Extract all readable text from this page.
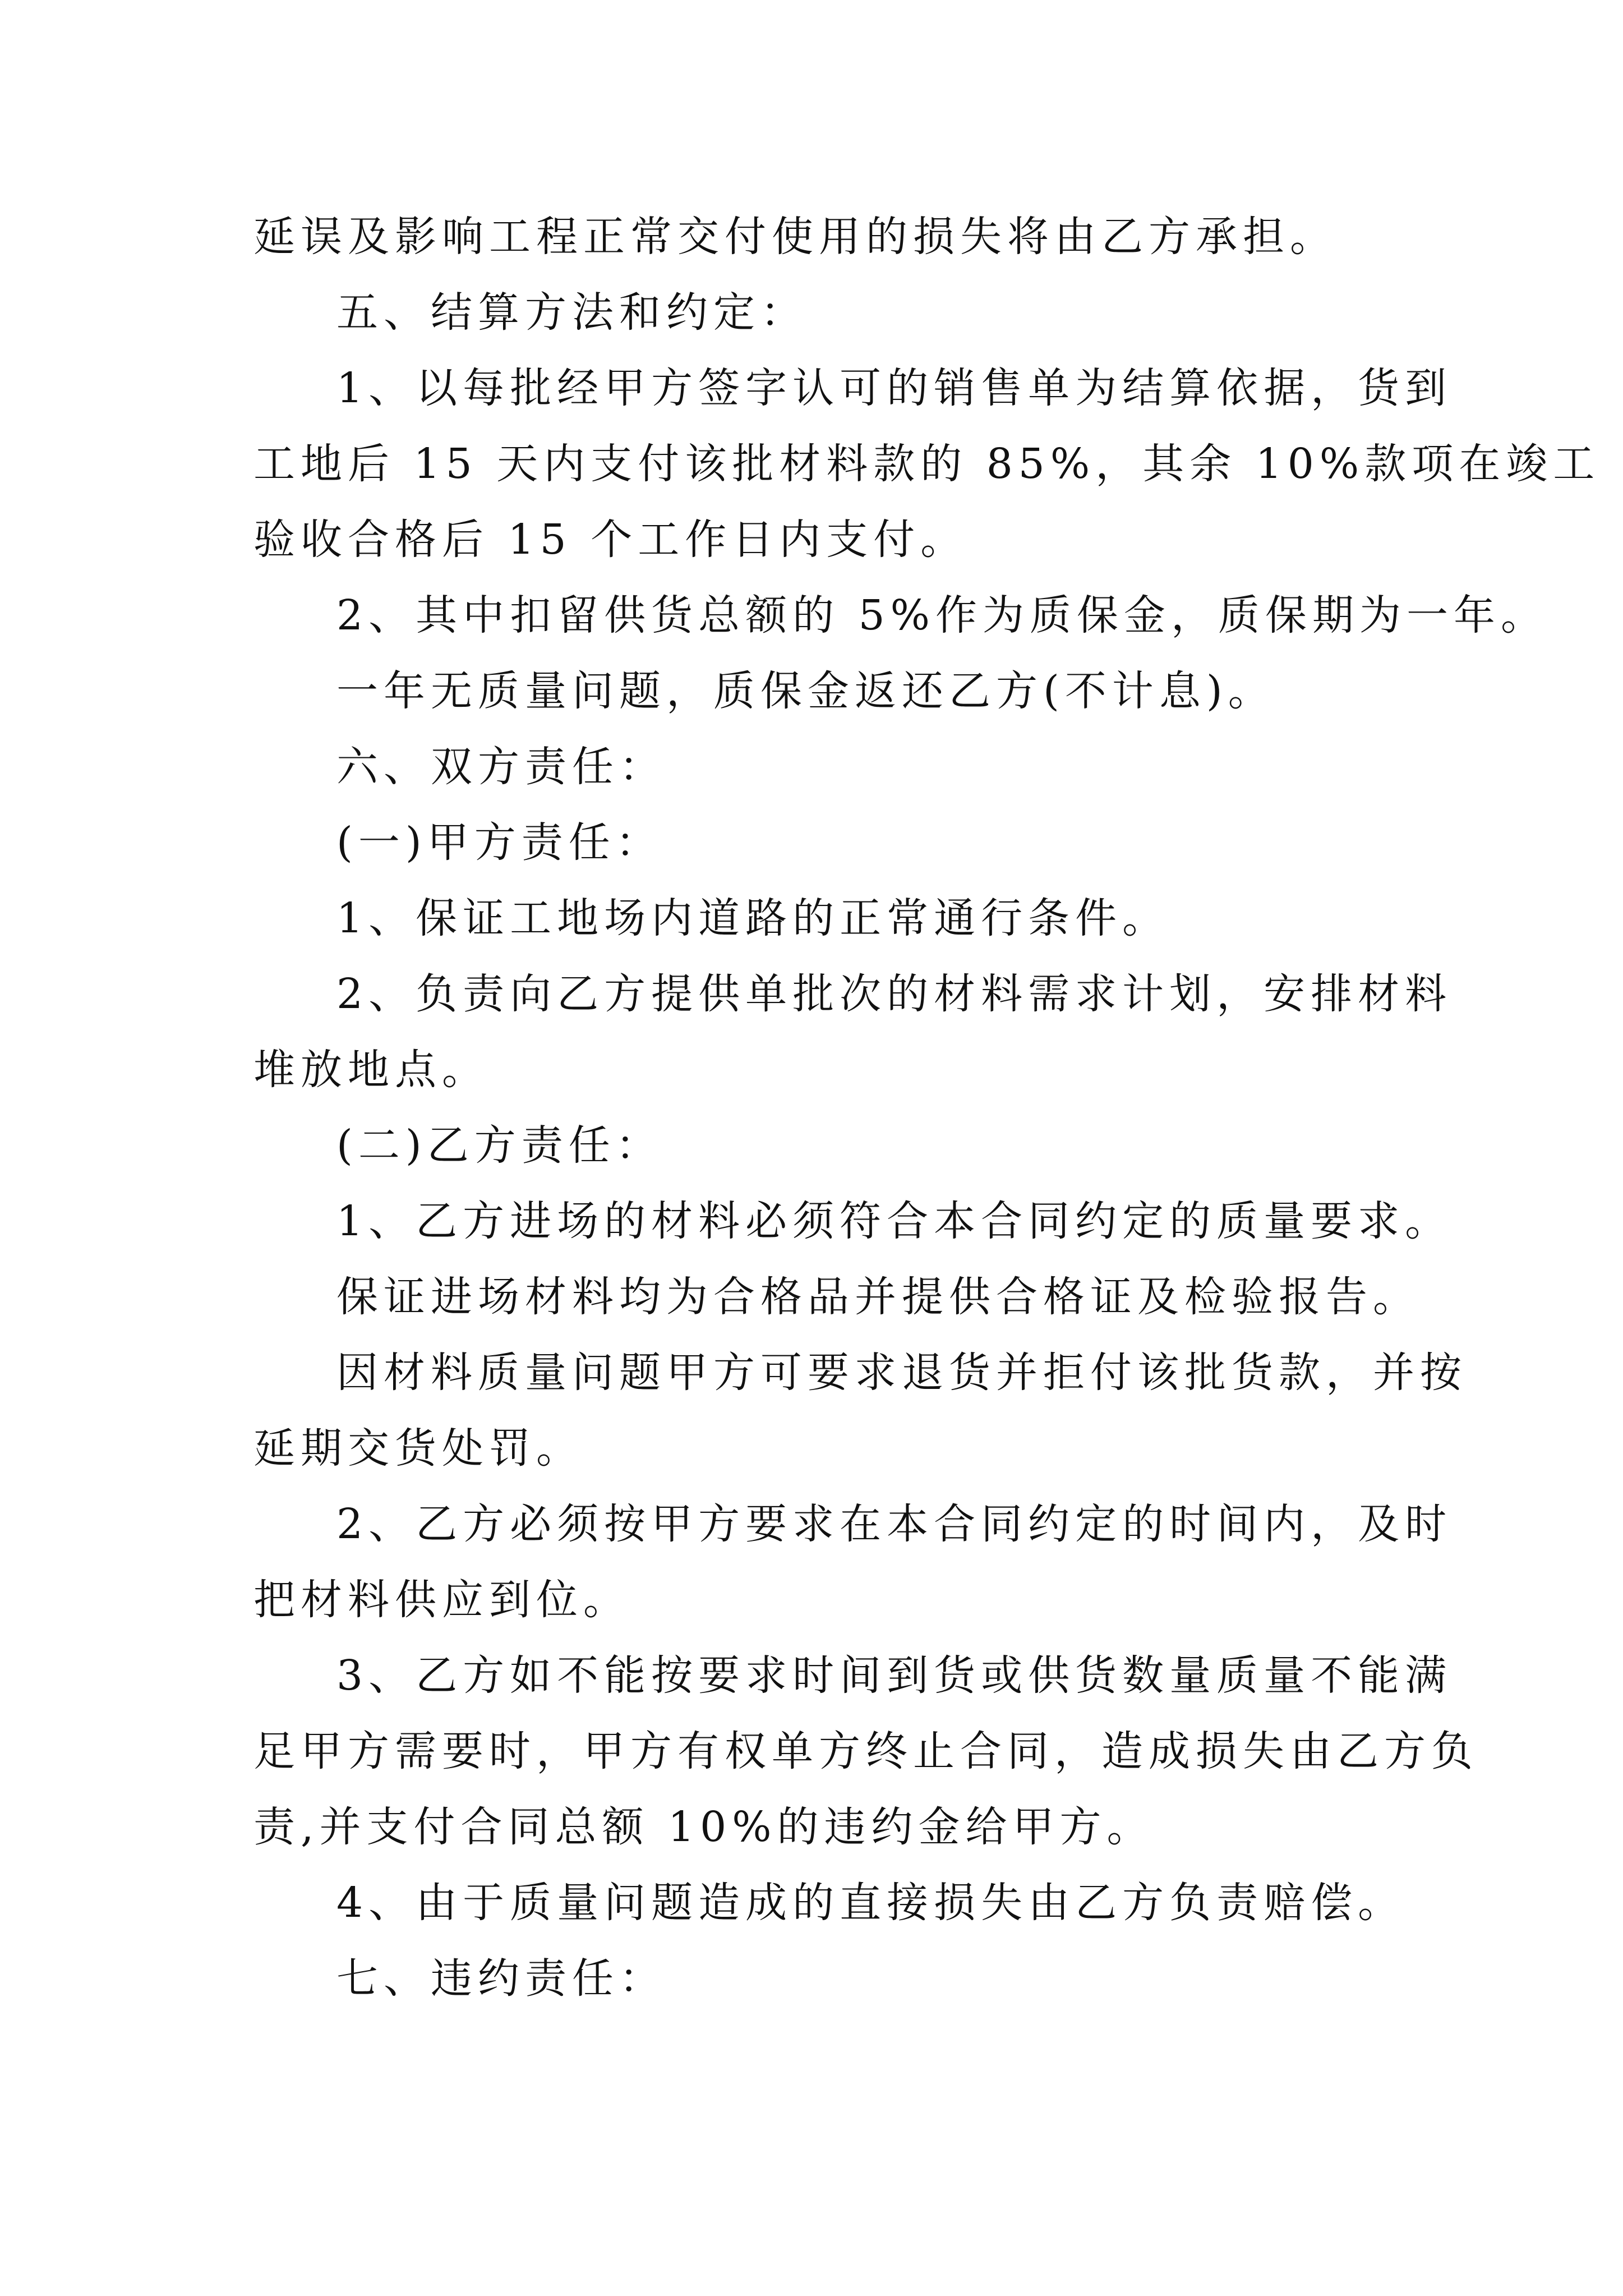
延误及影响工程正常交付使用的损失将由乙方承担。
五、结算方法和约定：
1、以每批经甲方签字认可的销售单为结算依据，货到
工地后 15 天内支付该批材料款的 85%，其余 10%款项在竣工
验收合格后 15 个工作日内支付。
2、其中扣留供货总额的 5%作为质保金，质保期为一年。
一年无质量问题，质保金返还乙方(不计息)。
六、双方责任：
(一)甲方责任：
1、保证工地场内道路的正常通行条件。
2、负责向乙方提供单批次的材料需求计划，安排材料
堆放地点。
(二)乙方责任：
1、乙方进场的材料必须符合本合同约定的质量要求。
保证进场材料均为合格品并提供合格证及检验报告。
因材料质量问题甲方可要求退货并拒付该批货款，并按
延期交货处罚。
2、乙方必须按甲方要求在本合同约定的时间内，及时
把材料供应到位。
3、乙方如不能按要求时间到货或供货数量质量不能满
足甲方需要时，甲方有权单方终止合同，造成损失由乙方负
责,并支付合同总额 10%的违约金给甲方。
4、由于质量问题造成的直接损失由乙方负责赔偿。
七、违约责任：
